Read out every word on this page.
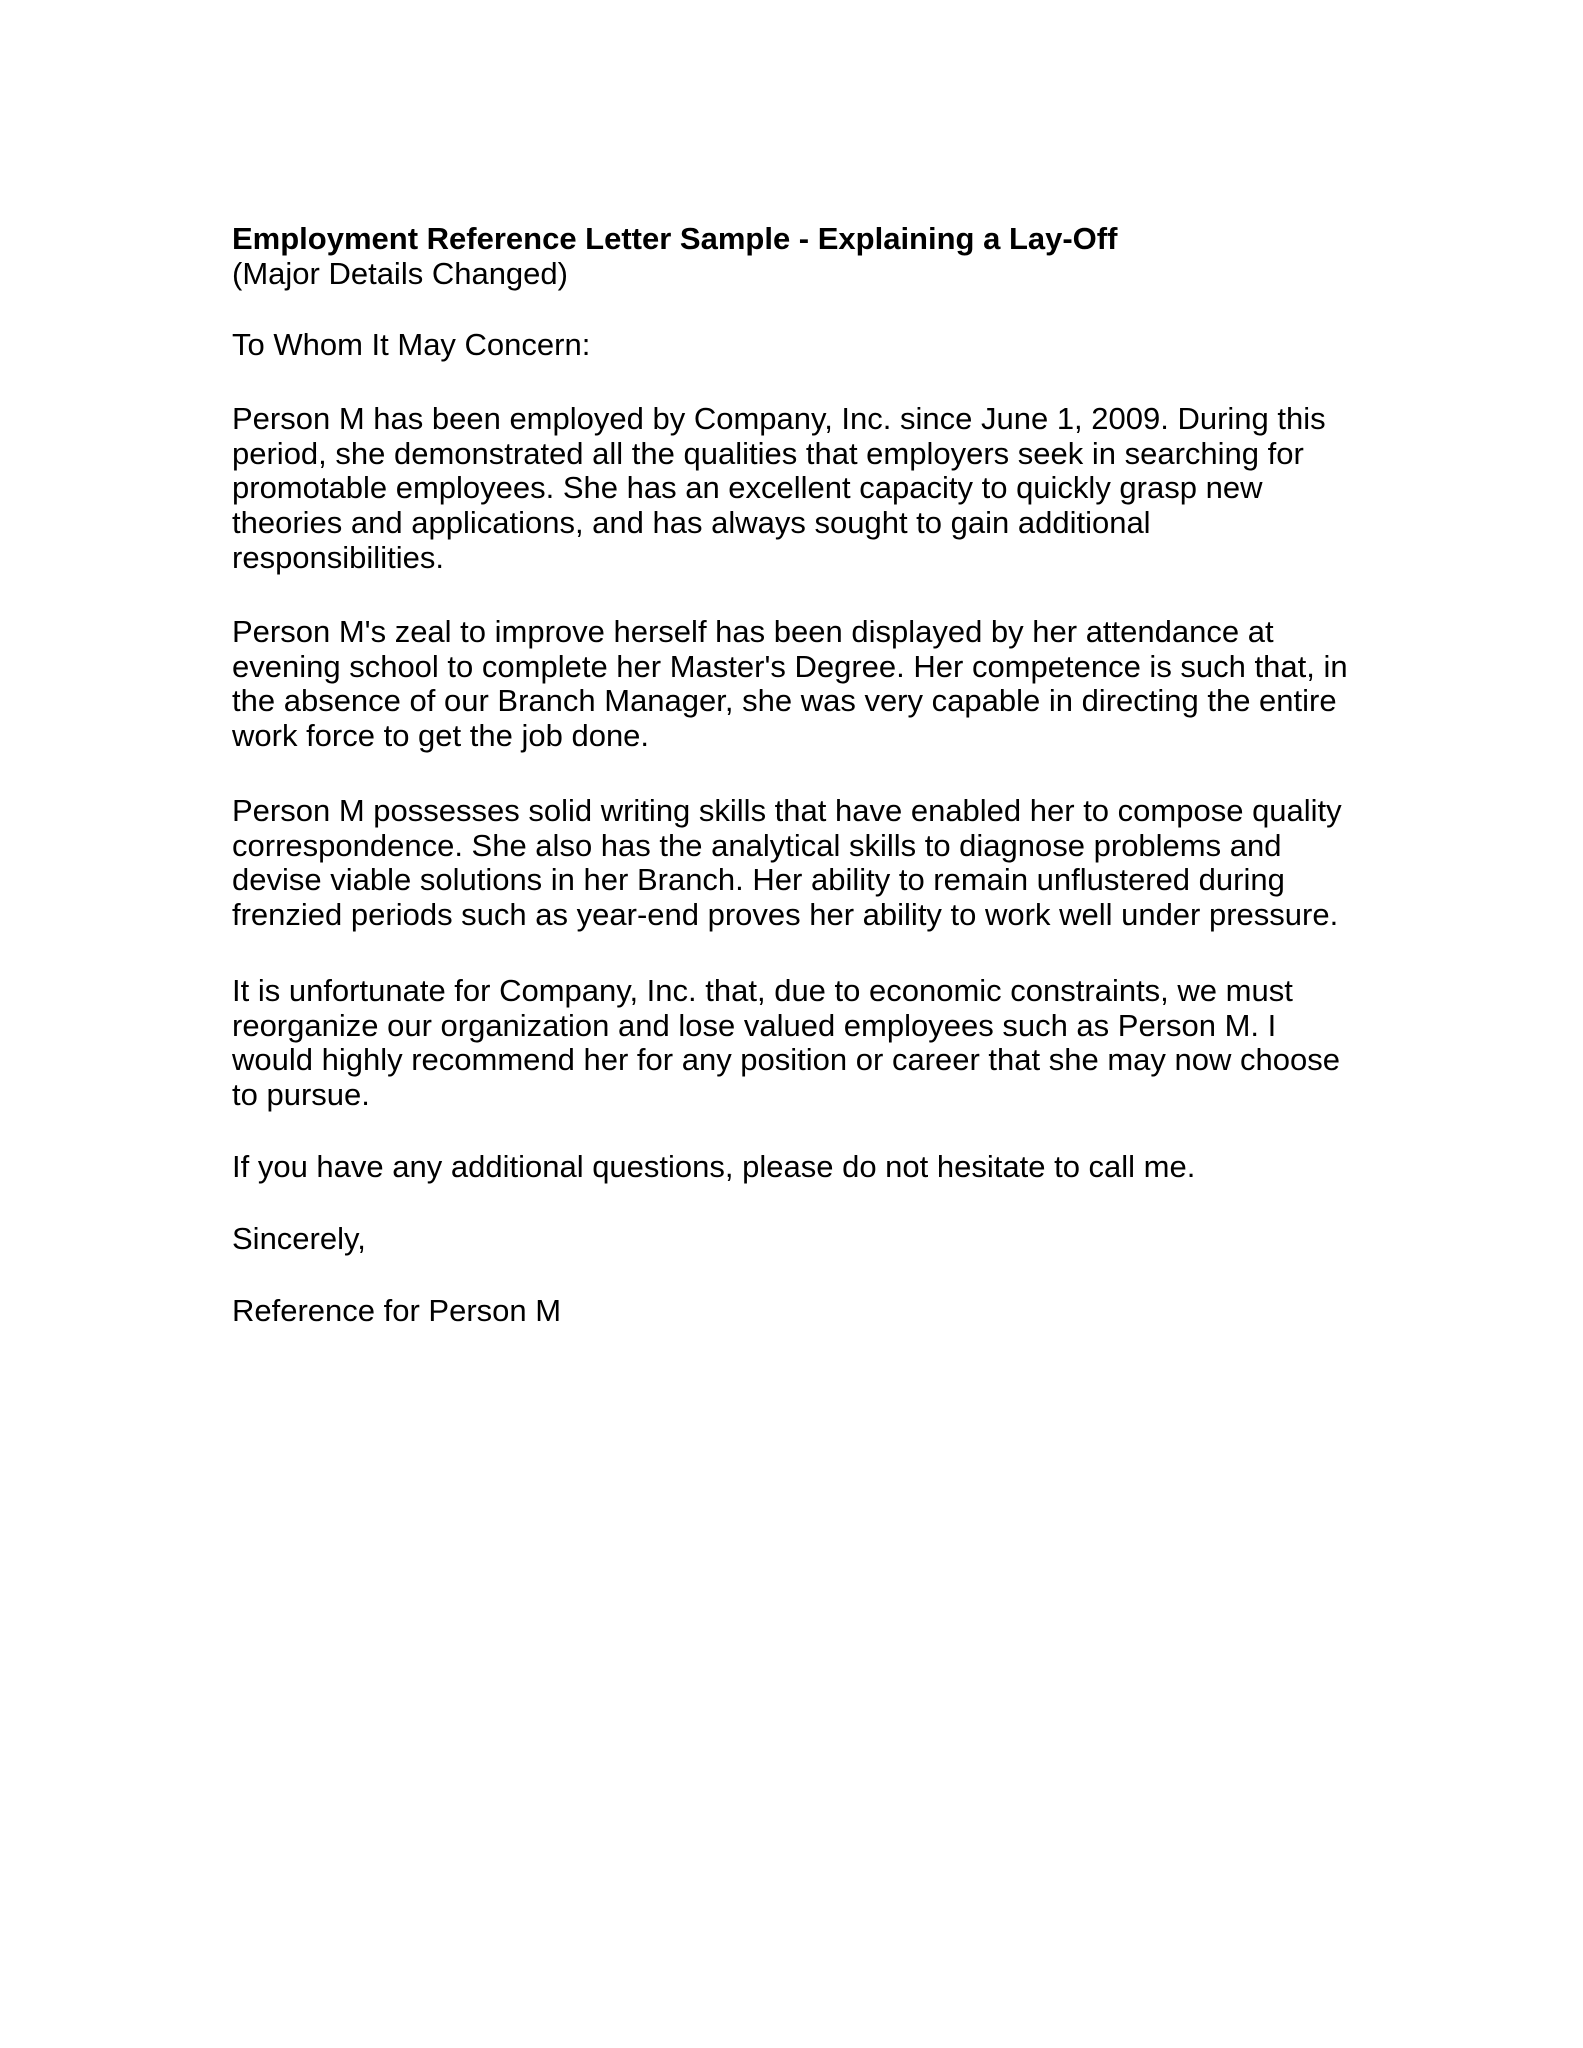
Employment Reference Letter Sample - Explaining a Lay-Off
(Major Details Changed)
To Whom It May Concern:
Person M has been employed by Company, Inc. since June 1, 2009. During this
period, she demonstrated all the qualities that employers seek in searching for
promotable employees. She has an excellent capacity to quickly grasp new
theories and applications, and has always sought to gain additional
responsibilities.
Person M's zeal to improve herself has been displayed by her attendance at
evening school to complete her Master's Degree. Her competence is such that, in
the absence of our Branch Manager, she was very capable in directing the entire
work force to get the job done.
Person M possesses solid writing skills that have enabled her to compose quality
correspondence. She also has the analytical skills to diagnose problems and
devise viable solutions in her Branch. Her ability to remain unflustered during
frenzied periods such as year-end proves her ability to work well under pressure.
It is unfortunate for Company, Inc. that, due to economic constraints, we must
reorganize our organization and lose valued employees such as Person M. I
would highly recommend her for any position or career that she may now choose
to pursue.
If you have any additional questions, please do not hesitate to call me.
Sincerely,
Reference for Person M
